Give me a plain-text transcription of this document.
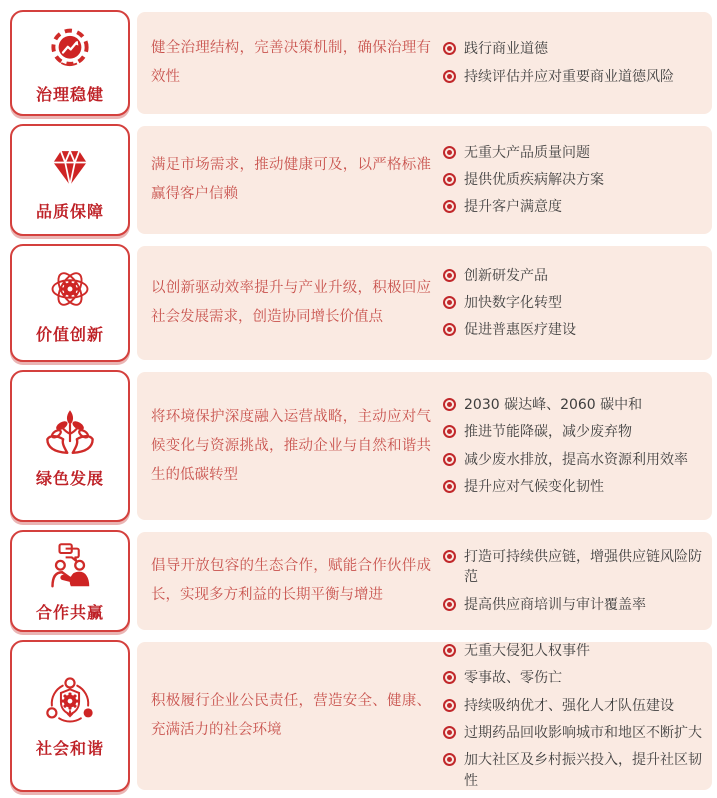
治理稳健
健全治理结构，完善决策机制，确保治理有效性
践行商业道德
持续评估并应对重要商业道德风险
品质保障
满足市场需求，推动健康可及，以严格标准赢得客户信赖
无重大产品质量问题
提供优质疾病解决方案
提升客户满意度
价值创新
以创新驱动效率提升与产业升级，积极回应社会发展需求，创造协同增长价值点
创新研发产品
加快数字化转型
促进普惠医疗建设
绿色发展
将环境保护深度融入运营战略，主动应对气候变化与资源挑战，推动企业与自然和谐共生的低碳转型
2030 碳达峰、2060 碳中和
推进节能降碳，减少废弃物
减少废水排放，提高水资源利用效率
提升应对气候变化韧性
合作共赢
倡导开放包容的生态合作，赋能合作伙伴成长，实现多方利益的长期平衡与增进
打造可持续供应链，增强供应链风险防范
提高供应商培训与审计覆盖率
社会和谐
积极履行企业公民责任，营造安全、健康、充满活力的社会环境
无重大侵犯人权事件
零事故、零伤亡
持续吸纳优才、强化人才队伍建设
过期药品回收影响城市和地区不断扩大
加大社区及乡村振兴投入，提升社区韧性
